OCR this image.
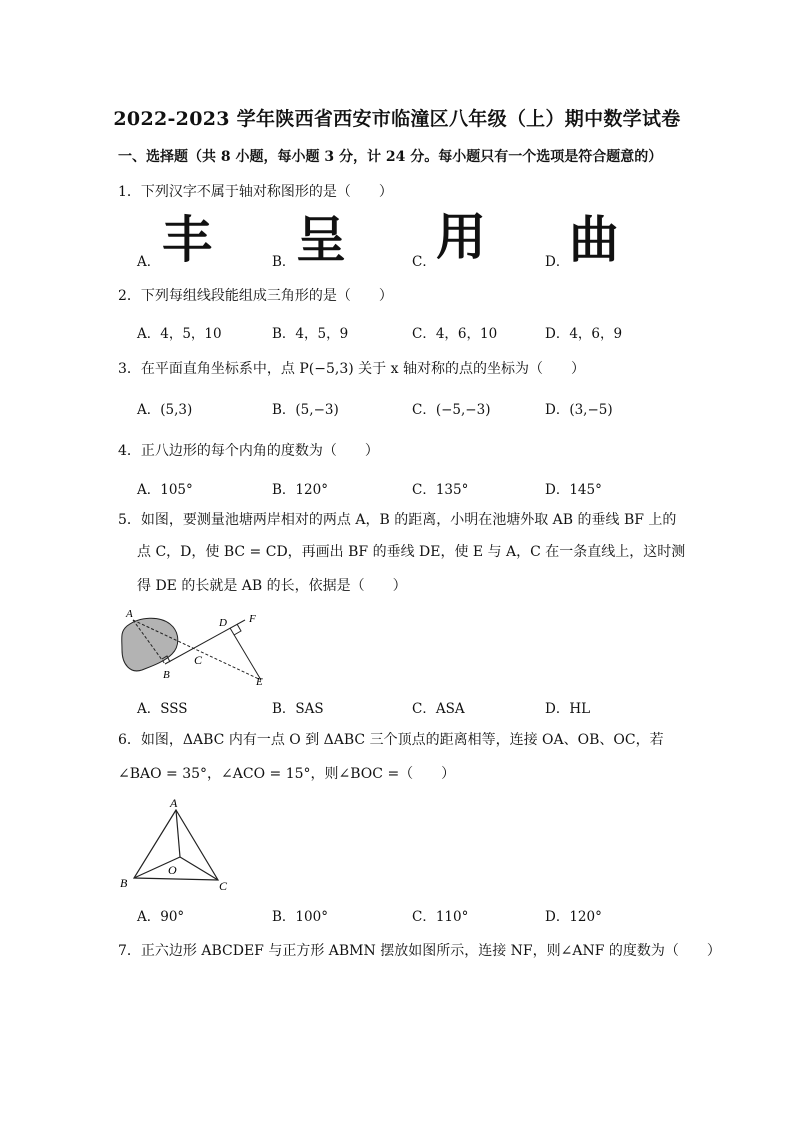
2022-2023 学年陕西省西安市临潼区八年级（上）期中数学试卷
一、选择题（共 8 小题，每小题 3 分，计 24 分。每小题只有一个选项是符合题意的）
1．下列汉字不属于轴对称图形的是（　　）
A． 丰	B． 呈	C． 用	D． 曲
2．下列每组线段能组成三角形的是（　　）
A．4，5，10	B．4，5，9	C．4，6，10	D．4，6，9
3．在平面直角坐标系中，点 P(−5,3) 关于 x 轴对称的点的坐标为（　　）
A．(5,3)	B．(5,−3)	C．(−5,−3)	D．(3,−5)
4．正八边形的每个内角的度数为（　　）
A．105°	B．120°	C．135°	D．145°
5．如图，要测量池塘两岸相对的两点 A，B 的距离，小明在池塘外取 AB 的垂线 BF 上的
点 C，D，使 BC = CD，再画出 BF 的垂线 DE，使 E 与 A，C 在一条直线上，这时测
得 DE 的长就是 AB 的长，依据是（　　）
A
B
C
D
E
F
A．SSS	B．SAS	C．ASA	D．HL
6．如图，ΔABC 内有一点 O 到 ΔABC 三个顶点的距离相等，连接 OA、OB、OC，若
∠BAO = 35°，∠ACO = 15°，则∠BOC =（　　）
A
B	C
O
A．90°	B．100°	C．110°	D．120°
7．正六边形 ABCDEF 与正方形 ABMN 摆放如图所示，连接 NF，则∠ANF 的度数为（　　）
